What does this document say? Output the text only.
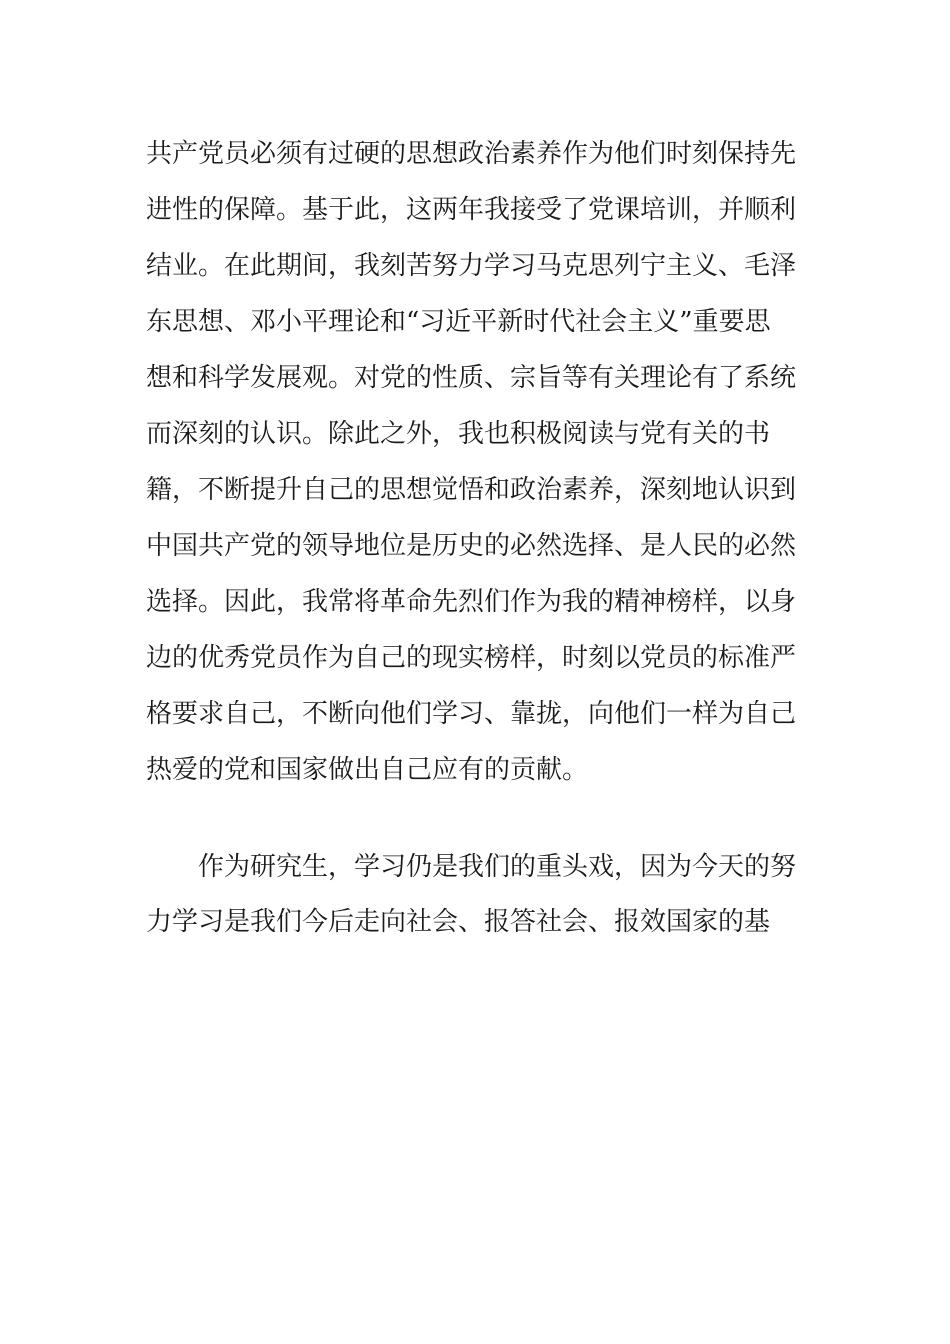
共产党员必须有过硬的思想政治素养作为他们时刻保持先
进性的保障。基于此，这两年我接受了党课培训，并顺利
结业。在此期间，我刻苦努力学习马克思列宁主义、毛泽
东思想、邓小平理论和“习近平新时代社会主义”重要思
想和科学发展观。对党的性质、宗旨等有关理论有了系统
而深刻的认识。除此之外，我也积极阅读与党有关的书
籍，不断提升自己的思想觉悟和政治素养，深刻地认识到
中国共产党的领导地位是历史的必然选择、是人民的必然
选择。因此，我常将革命先烈们作为我的精神榜样，以身
边的优秀党员作为自己的现实榜样，时刻以党员的标准严
格要求自己，不断向他们学习、靠拢，向他们一样为自己
热爱的党和国家做出自己应有的贡献。
作为研究生，学习仍是我们的重头戏，因为今天的努
力学习是我们今后走向社会、报答社会、报效国家的基
